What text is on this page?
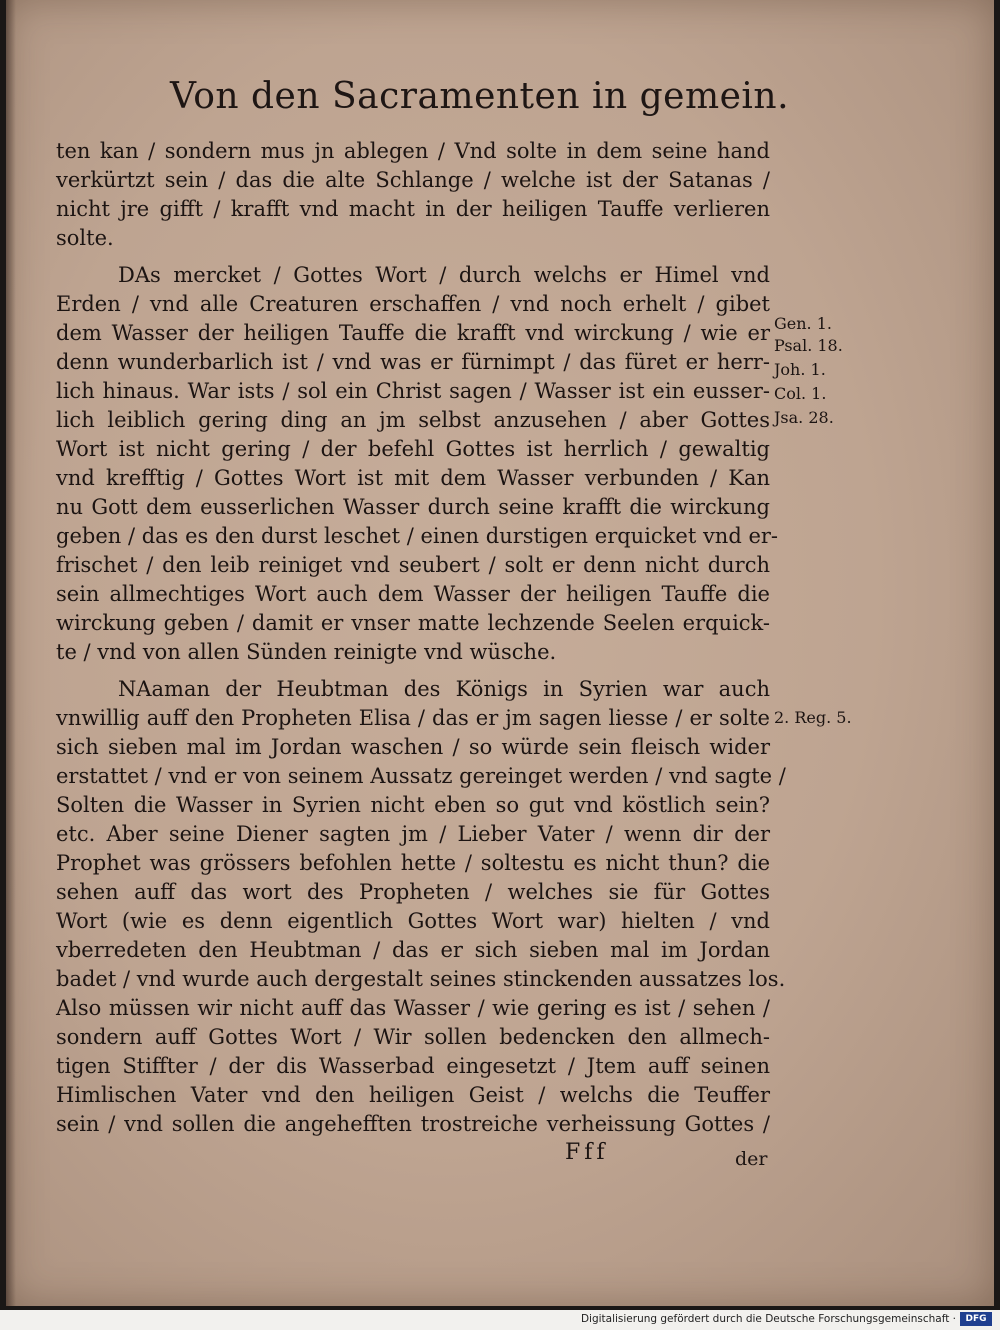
Von den Sacramenten in gemein.
ten kan / sondern mus jn ablegen / Vnd solte in dem seine hand
verkürtzt sein / das die alte Schlange / welche ist der Satanas /
nicht jre gifft / krafft vnd macht in der heiligen Tauffe verlieren
solte.
DAs mercket / Gottes Wort / durch welchs er Himel vnd
Erden / vnd alle Creaturen erschaffen / vnd noch erhelt / gibet
dem Wasser der heiligen Tauffe die krafft vnd wirckung / wie er
denn wunderbarlich ist / vnd was er fürnimpt / das füret er herr-
lich hinaus. War ists / sol ein Christ sagen / Wasser ist ein eusser-
lich leiblich gering ding an jm selbst anzusehen / aber Gottes
Wort ist nicht gering / der befehl Gottes ist herrlich / gewaltig
vnd krefftig / Gottes Wort ist mit dem Wasser verbunden / Kan
nu Gott dem eusserlichen Wasser durch seine krafft die wirckung
geben / das es den durst leschet / einen durstigen erquicket vnd er-
frischet / den leib reiniget vnd seubert / solt er denn nicht durch
sein allmechtiges Wort auch dem Wasser der heiligen Tauffe die
wirckung geben / damit er vnser matte lechzende Seelen erquick-
te / vnd von allen Sünden reinigte vnd wüsche.
NAaman der Heubtman des Königs in Syrien war auch
vnwillig auff den Propheten Elisa / das er jm sagen liesse / er solte
sich sieben mal im Jordan waschen / so würde sein fleisch wider
erstattet / vnd er von seinem Aussatz gereinget werden / vnd sagte /
Solten die Wasser in Syrien nicht eben so gut vnd köstlich sein?
etc. Aber seine Diener sagten jm / Lieber Vater / wenn dir der
Prophet was grössers befohlen hette / soltestu es nicht thun? die
sehen auff das wort des Propheten / welches sie für Gottes
Wort (wie es denn eigentlich Gottes Wort war) hielten / vnd
vberredeten den Heubtman / das er sich sieben mal im Jordan
badet / vnd wurde auch dergestalt seines stinckenden aussatzes los.
Also müssen wir nicht auff das Wasser / wie gering es ist / sehen /
sondern auff Gottes Wort / Wir sollen bedencken den allmech-
tigen Stiffter / der dis Wasserbad eingesetzt / Jtem auff seinen
Himlischen Vater vnd den heiligen Geist / welchs die Teuffer
sein / vnd sollen die angehefften trostreiche verheissung Gottes /
Gen. 1.
Psal. 18.
Joh. 1.
Col. 1.
Jsa. 28.
2. Reg. 5.
Fff	der
Digitalisierung gefördert durch die Deutsche Forschungsgemeinschaft ·	DFG
